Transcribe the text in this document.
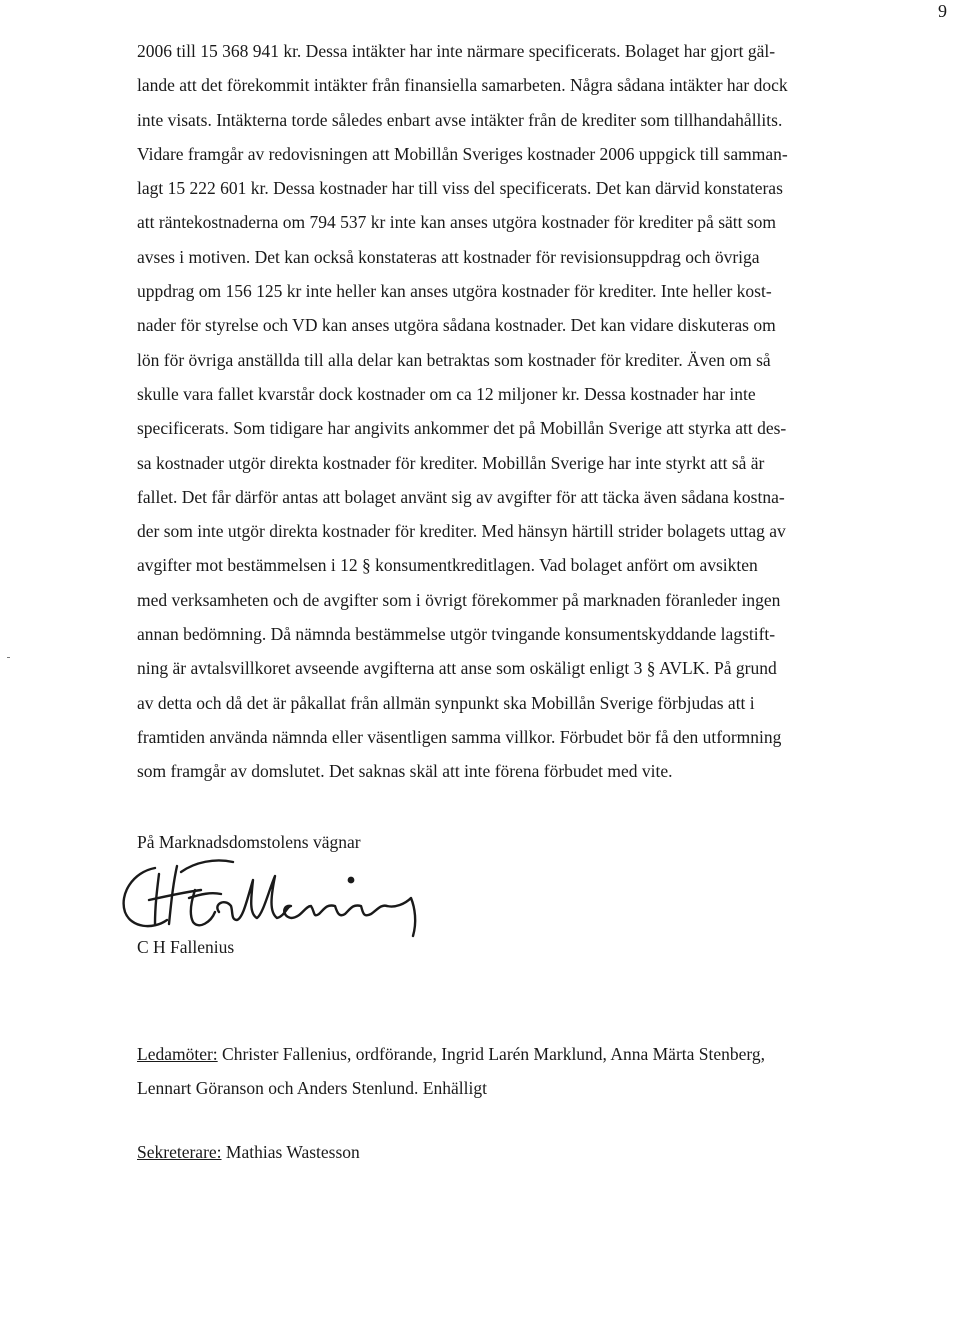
9
2006 till 15 368 941 kr. Dessa intäkter har inte närmare specificerats. Bolaget har gjort gäl-
lande att det förekommit intäkter från finansiella samarbeten. Några sådana intäkter har dock
inte visats. Intäkterna torde således enbart avse intäkter från de krediter som tillhandahållits.
Vidare framgår av redovisningen att Mobillån Sveriges kostnader 2006 uppgick till samman-
lagt 15 222 601 kr. Dessa kostnader har till viss del specificerats. Det kan därvid konstateras
att räntekostnaderna om 794 537 kr inte kan anses utgöra kostnader för krediter på sätt som
avses i motiven. Det kan också konstateras att kostnader för revisionsuppdrag och övriga
uppdrag om 156 125 kr inte heller kan anses utgöra kostnader för krediter. Inte heller kost-
nader för styrelse och VD kan anses utgöra sådana kostnader. Det kan vidare diskuteras om
lön för övriga anställda till alla delar kan betraktas som kostnader för krediter. Även om så
skulle vara fallet kvarstår dock kostnader om ca 12 miljoner kr. Dessa kostnader har inte
specificerats. Som tidigare har angivits ankommer det på Mobillån Sverige att styrka att des-
sa kostnader utgör direkta kostnader för krediter. Mobillån Sverige har inte styrkt att så är
fallet. Det får därför antas att bolaget använt sig av avgifter för att täcka även sådana kostna-
der som inte utgör direkta kostnader för krediter. Med hänsyn härtill strider bolagets uttag av
avgifter mot bestämmelsen i 12 § konsumentkreditlagen. Vad bolaget anfört om avsikten
med verksamheten och de avgifter som i övrigt förekommer på marknaden föranleder ingen
annan bedömning. Då nämnda bestämmelse utgör tvingande konsumentskyddande lagstift-
ning är avtalsvillkoret avseende avgifterna att anse som oskäligt enligt 3 § AVLK. På grund
av detta och då det är påkallat från allmän synpunkt ska Mobillån Sverige förbjudas att i
framtiden använda nämnda eller väsentligen samma villkor. Förbudet bör få den utformning
som framgår av domslutet. Det saknas skäl att inte förena förbudet med vite.
På Marknadsdomstolens vägnar
C H Fallenius
Ledamöter: Christer Fallenius, ordförande, Ingrid Larén Marklund, Anna Märta Stenberg,
Lennart Göranson och Anders Stenlund. Enhälligt
Sekreterare: Mathias Wastesson
